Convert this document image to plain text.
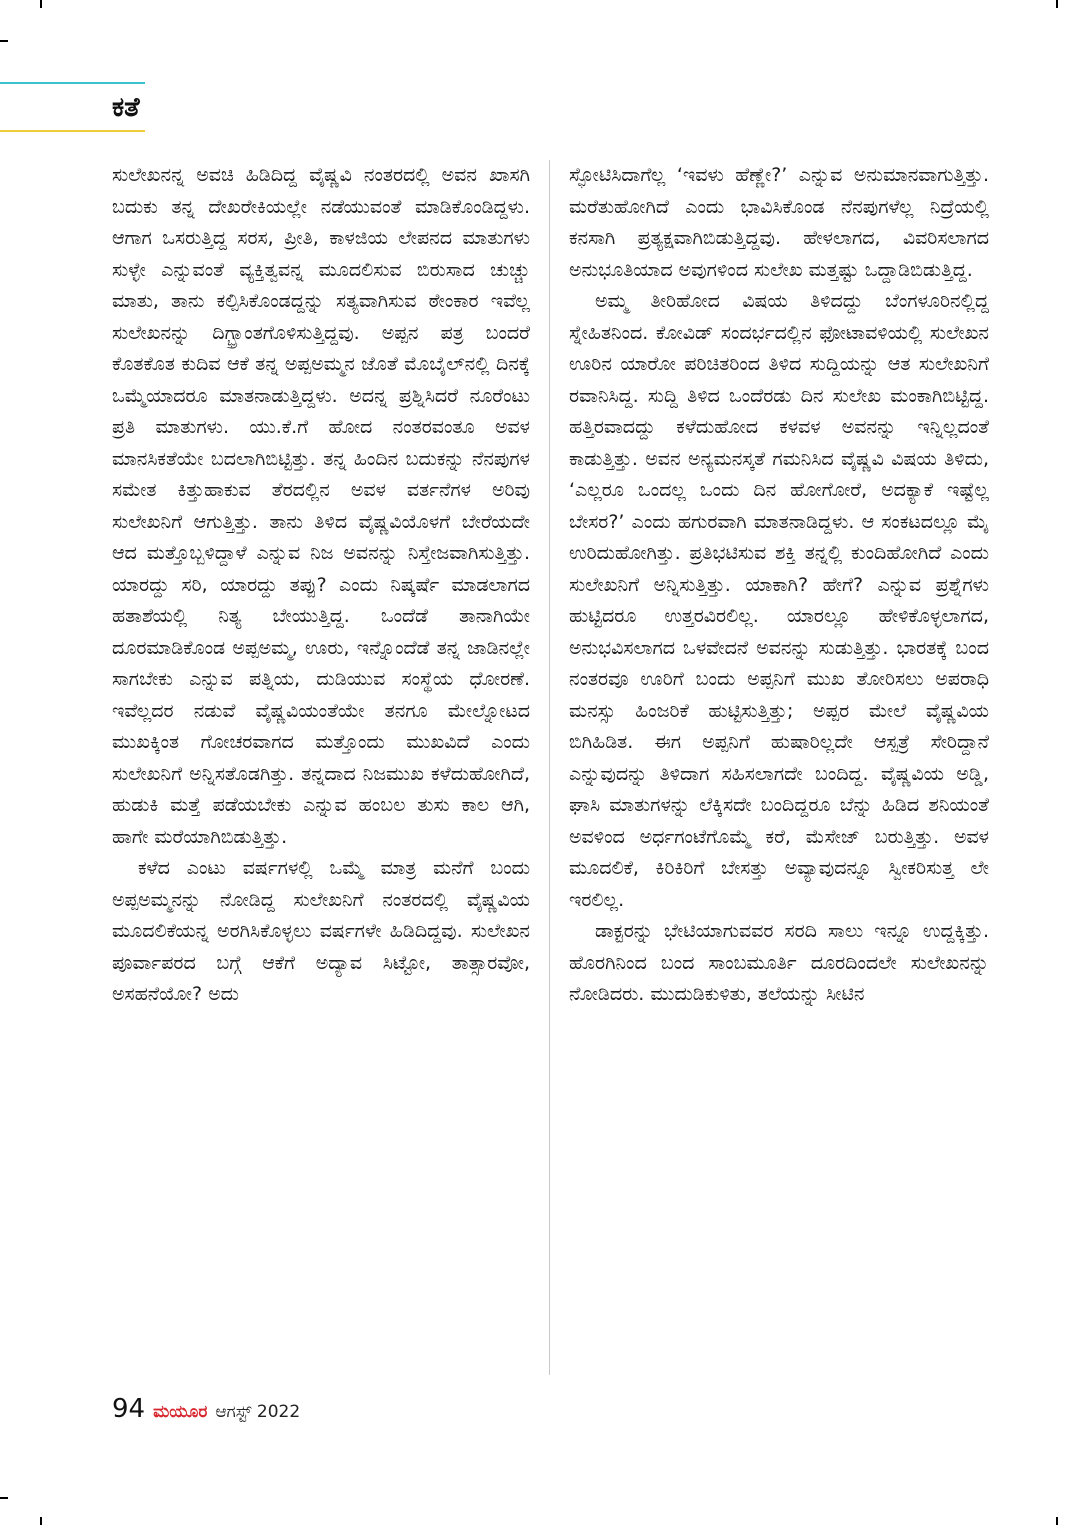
ಕತೆ

ಸುಲೇಖನನ್ನ ಅವಚಿ ಹಿಡಿದಿದ್ದ ವೈಷ್ಣವಿ ನಂತರದಲ್ಲಿ ಅವನ ಖಾಸಗಿ ಬದುಕು ತನ್ನ ದೇಖರೇಕಿಯಲ್ಲೇ ನಡೆಯುವಂತೆ ಮಾಡಿಕೊಂಡಿದ್ದಳು. ಆಗಾಗ ಒಸರುತ್ತಿದ್ದ ಸರಸ, ಪ್ರೀತಿ, ಕಾಳಜಿಯ ಲೇಪನದ ಮಾತುಗಳು ಸುಳ್ಳೇ ಎನ್ನುವಂತೆ ವ್ಯಕ್ತಿತ್ವವನ್ನ ಮೂದಲಿಸುವ ಬಿರುಸಾದ ಚುಚ್ಚು ಮಾತು, ತಾನು ಕಲ್ಪಿಸಿಕೊಂಡದ್ದನ್ನು ಸತ್ಯವಾಗಿಸುವ ಠೇಂಕಾರ ಇವೆಲ್ಲ ಸುಲೇಖನನ್ನು ದಿಗ್ಭ್ರಾಂತಗೊಳಿಸುತ್ತಿದ್ದವು. ಅಪ್ಪನ ಪತ್ರ ಬಂದರೆ ಕೊತಕೊತ ಕುದಿವ ಆಕೆ ತನ್ನ ಅಪ್ಪಅಮ್ಮನ ಜೊತೆ ಮೊಬೈಲ್‌ನಲ್ಲಿ ದಿನಕ್ಕೆ ಒಮ್ಮೆಯಾದರೂ ಮಾತನಾಡುತ್ತಿದ್ದಳು. ಅದನ್ನ ಪ್ರಶ್ನಿಸಿದರೆ ನೂರೆಂಟು ಪ್ರತಿ ಮಾತುಗಳು. ಯು.ಕೆ.ಗೆ ಹೋದ ನಂತರವಂತೂ ಅವಳ ಮಾನಸಿಕತೆಯೇ ಬದಲಾಗಿಬಿಟ್ಟಿತ್ತು. ತನ್ನ ಹಿಂದಿನ ಬದುಕನ್ನು ನೆನಪುಗಳ ಸಮೇತ ಕಿತ್ತುಹಾಕುವ ತೆರದಲ್ಲಿನ ಅವಳ ವರ್ತನೆಗಳ ಅರಿವು ಸುಲೇಖನಿಗೆ ಆಗುತ್ತಿತ್ತು. ತಾನು ತಿಳಿದ ವೈಷ್ಣವಿಯೊಳಗೆ ಬೇರೆಯದೇ ಆದ ಮತ್ತೊಬ್ಬಳಿದ್ದಾಳೆ ಎನ್ನುವ ನಿಜ ಅವನನ್ನು ನಿಸ್ತೇಜವಾಗಿಸುತ್ತಿತ್ತು. ಯಾರದ್ದು ಸರಿ, ಯಾರದ್ದು ತಪ್ಪು? ಎಂದು ನಿಷ್ಕರ್ಷೆ ಮಾಡಲಾಗದ ಹತಾಶೆಯಲ್ಲಿ ನಿತ್ಯ ಬೇಯುತ್ತಿದ್ದ. ಒಂದೆಡೆ ತಾನಾಗಿಯೇ ದೂರಮಾಡಿಕೊಂಡ ಅಪ್ಪಅಮ್ಮ, ಊರು, ಇನ್ನೊಂದೆಡೆ ತನ್ನ ಜಾಡಿನಲ್ಲೇ ಸಾಗಬೇಕು ಎನ್ನುವ ಪತ್ನಿಯ, ದುಡಿಯುವ ಸಂಸ್ಥೆಯ ಧೋರಣೆ. ಇವೆಲ್ಲದರ ನಡುವೆ ವೈಷ್ಣವಿಯಂತೆಯೇ ತನಗೂ ಮೇಲ್ನೋಟದ ಮುಖಕ್ಕಿಂತ ಗೋಚರವಾಗದ ಮತ್ತೊಂದು ಮುಖವಿದೆ ಎಂದು ಸುಲೇಖನಿಗೆ ಅನ್ನಿಸತೊಡಗಿತ್ತು. ತನ್ನದಾದ ನಿಜಮುಖ ಕಳೆದುಹೋಗಿದೆ, ಹುಡುಕಿ ಮತ್ತೆ ಪಡೆಯಬೇಕು ಎನ್ನುವ ಹಂಬಲ ತುಸು ಕಾಲ ಆಗಿ, ಹಾಗೇ ಮರೆಯಾಗಿಬಿಡುತ್ತಿತ್ತು.

ಕಳೆದ ಎಂಟು ವರ್ಷಗಳಲ್ಲಿ ಒಮ್ಮೆ ಮಾತ್ರ ಮನೆಗೆ ಬಂದು ಅಪ್ಪಅಮ್ಮನನ್ನು ನೋಡಿದ್ದ ಸುಲೇಖನಿಗೆ ನಂತರದಲ್ಲಿ ವೈಷ್ಣವಿಯ ಮೂದಲಿಕೆಯನ್ನ ಅರಗಿಸಿಕೊಳ್ಳಲು ವರ್ಷಗಳೇ ಹಿಡಿದಿದ್ದವು. ಸುಲೇಖನ ಪೂರ್ವಾಪರದ ಬಗ್ಗೆ ಆಕೆಗೆ ಅದ್ಯಾವ ಸಿಟ್ಟೋ, ತಾತ್ಸಾರವೋ, ಅಸಹನೆಯೋ? ಅದು

ಸ್ಫೋಟಿಸಿದಾಗೆಲ್ಲ ‘ಇವಳು ಹೆಣ್ಣೇ?’ ಎನ್ನುವ ಅನುಮಾನವಾಗುತ್ತಿತ್ತು. ಮರೆತುಹೋಗಿದೆ ಎಂದು ಭಾವಿಸಿಕೊಂಡ ನೆನಪುಗಳೆಲ್ಲ ನಿದ್ರೆಯಲ್ಲಿ ಕನಸಾಗಿ ಪ್ರತ್ಯಕ್ಷವಾಗಿಬಿಡುತ್ತಿದ್ದವು. ಹೇಳಲಾಗದ, ವಿವರಿಸಲಾಗದ ಅನುಭೂತಿಯಾದ ಅವುಗಳಿಂದ ಸುಲೇಖ ಮತ್ತಷ್ಟು ಒದ್ದಾಡಿಬಿಡುತ್ತಿದ್ದ.

ಅಮ್ಮ ತೀರಿಹೋದ ವಿಷಯ ತಿಳಿದದ್ದು ಬೆಂಗಳೂರಿನಲ್ಲಿದ್ದ ಸ್ನೇಹಿತನಿಂದ. ಕೋವಿಡ್ ಸಂದರ್ಭದಲ್ಲಿನ ಫೋಟಾವಳಿಯಲ್ಲಿ ಸುಲೇಖನ ಊರಿನ ಯಾರೋ ಪರಿಚಿತರಿಂದ ತಿಳಿದ ಸುದ್ದಿಯನ್ನು ಆತ ಸುಲೇಖನಿಗೆ ರವಾನಿಸಿದ್ದ. ಸುದ್ದಿ ತಿಳಿದ ಒಂದೆರಡು ದಿನ ಸುಲೇಖ ಮಂಕಾಗಿಬಿಟ್ಟಿದ್ದ. ಹತ್ತಿರವಾದದ್ದು ಕಳೆದುಹೋದ ಕಳವಳ ಅವನನ್ನು ಇನ್ನಿಲ್ಲದಂತೆ ಕಾಡುತ್ತಿತ್ತು. ಅವನ ಅನ್ಯಮನಸ್ಕತೆ ಗಮನಿಸಿದ ವೈಷ್ಣವಿ ವಿಷಯ ತಿಳಿದು, ‘ಎಲ್ಲರೂ ಒಂದಲ್ಲ ಒಂದು ದಿನ ಹೋಗೋರೆ, ಅದಕ್ಯಾಕೆ ಇಷ್ಟೆಲ್ಲ ಬೇಸರ?’ ಎಂದು ಹಗುರವಾಗಿ ಮಾತನಾಡಿದ್ದಳು. ಆ ಸಂಕಟದಲ್ಲೂ ಮೈ ಉರಿದುಹೋಗಿತ್ತು. ಪ್ರತಿಭಟಿಸುವ ಶಕ್ತಿ ತನ್ನಲ್ಲಿ ಕುಂದಿಹೋಗಿದೆ ಎಂದು ಸುಲೇಖನಿಗೆ ಅನ್ನಿಸುತ್ತಿತ್ತು. ಯಾಕಾಗಿ? ಹೇಗೆ? ಎನ್ನುವ ಪ್ರಶ್ನೆಗಳು ಹುಟ್ಟಿದರೂ ಉತ್ತರವಿರಲಿಲ್ಲ. ಯಾರಲ್ಲೂ ಹೇಳಿಕೊಳ್ಳಲಾಗದ, ಅನುಭವಿಸಲಾಗದ ಒಳವೇದನೆ ಅವನನ್ನು ಸುಡುತ್ತಿತ್ತು. ಭಾರತಕ್ಕೆ ಬಂದ ನಂತರವೂ ಊರಿಗೆ ಬಂದು ಅಪ್ಪನಿಗೆ ಮುಖ ತೋರಿಸಲು ಅಪರಾಧಿ ಮನಸ್ಸು ಹಿಂಜರಿಕೆ ಹುಟ್ಟಿಸುತ್ತಿತ್ತು; ಅಪ್ಪರ ಮೇಲೆ ವೈಷ್ಣವಿಯ ಬಿಗಿಹಿಡಿತ. ಈಗ ಅಪ್ಪನಿಗೆ ಹುಷಾರಿಲ್ಲದೇ ಆಸ್ಪತ್ರೆ ಸೇರಿದ್ದಾನೆ ಎನ್ನುವುದನ್ನು ತಿಳಿದಾಗ ಸಹಿಸಲಾಗದೇ ಬಂದಿದ್ದ. ವೈಷ್ಣವಿಯ ಅಡ್ಡಿ, ಘಾಸಿ ಮಾತುಗಳನ್ನು ಲೆಕ್ಕಿಸದೇ ಬಂದಿದ್ದರೂ ಬೆನ್ನು ಹಿಡಿದ ಶನಿಯಂತೆ ಅವಳಿಂದ ಅರ್ಧಗಂಟೆಗೊಮ್ಮೆ ಕರೆ, ಮೆಸೇಜ್ ಬರುತ್ತಿತ್ತು. ಅವಳ ಮೂದಲಿಕೆ, ಕಿರಿಕಿರಿಗೆ ಬೇಸತ್ತು ಅವ್ಯಾವುದನ್ನೂ ಸ್ವೀಕರಿಸುತ್ತ ಲೇ ಇರಲಿಲ್ಲ.

ಡಾಕ್ಟರನ್ನು ಭೇಟಿಯಾಗುವವರ ಸರದಿ ಸಾಲು ಇನ್ನೂ ಉದ್ದಕ್ಕಿತ್ತು. ಹೊರಗಿನಿಂದ ಬಂದ ಸಾಂಬಮೂರ್ತಿ ದೂರದಿಂದಲೇ ಸುಲೇಖನನ್ನು ನೋಡಿದರು. ಮುದುಡಿಕುಳಿತು, ತಲೆಯನ್ನು ಸೀಟಿನ

94 ಮಯೂರ ಆಗಸ್ಟ್ 2022
